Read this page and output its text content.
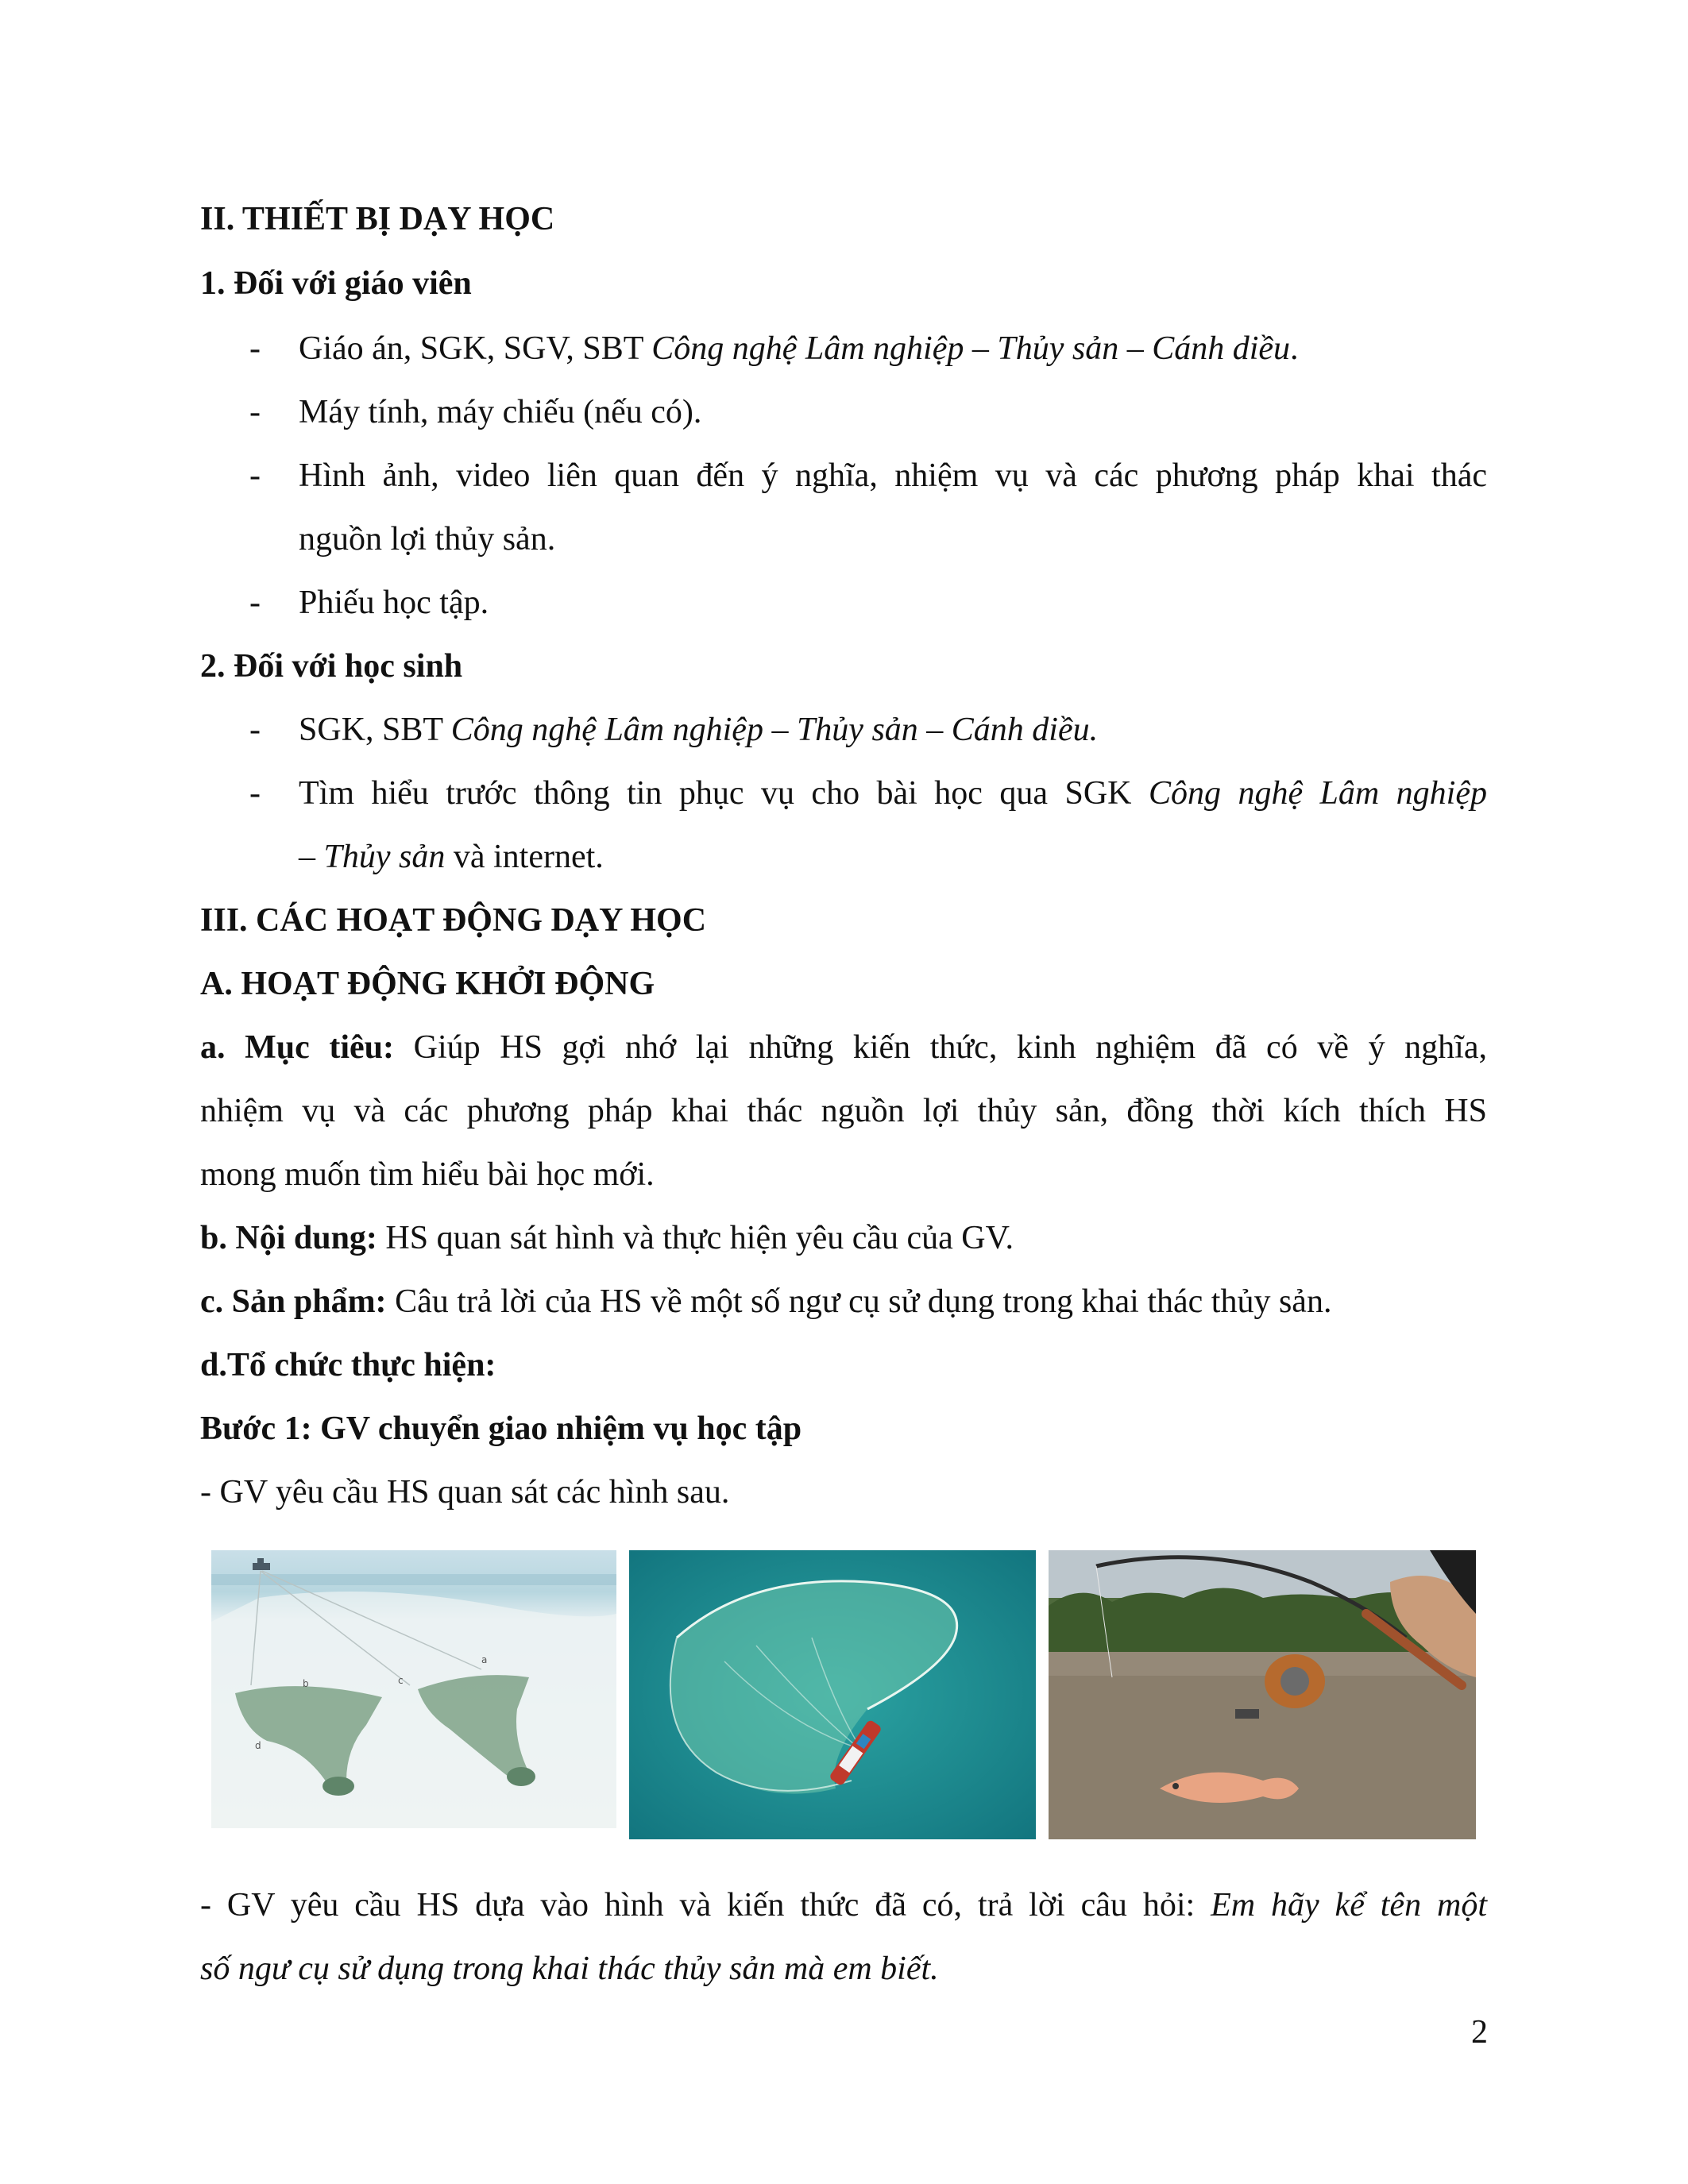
II. THIẾT BỊ DẠY HỌC
1. Đối với giáo viên
- Giáo án, SGK, SGV, SBT Công nghệ Lâm nghiệp – Thủy sản – Cánh diều.
- Máy tính, máy chiếu (nếu có).
- Hình ảnh, video liên quan đến ý nghĩa, nhiệm vụ và các phương pháp khai thác
nguồn lợi thủy sản.
- Phiếu học tập.
2. Đối với học sinh
- SGK, SBT Công nghệ Lâm nghiệp – Thủy sản – Cánh diều.
- Tìm hiểu trước thông tin phục vụ cho bài học qua SGK Công nghệ Lâm nghiệp
– Thủy sản và internet.
III. CÁC HOẠT ĐỘNG DẠY HỌC
A. HOẠT ĐỘNG KHỞI ĐỘNG
a. Mục tiêu: Giúp HS gợi nhớ lại những kiến thức, kinh nghiệm đã có về ý nghĩa,
nhiệm vụ và các phương pháp khai thác nguồn lợi thủy sản, đồng thời kích thích HS
mong muốn tìm hiểu bài học mới.
b. Nội dung: HS quan sát hình và thực hiện yêu cầu của GV.
c. Sản phẩm: Câu trả lời của HS về một số ngư cụ sử dụng trong khai thác thủy sản.
d.Tổ chức thực hiện:
Bước 1: GV chuyển giao nhiệm vụ học tập
- GV yêu cầu HS quan sát các hình sau.
b	c
a
d
- GV yêu cầu HS dựa vào hình và kiến thức đã có, trả lời câu hỏi: Em hãy kể tên một
số ngư cụ sử dụng trong khai thác thủy sản mà em biết.
2
